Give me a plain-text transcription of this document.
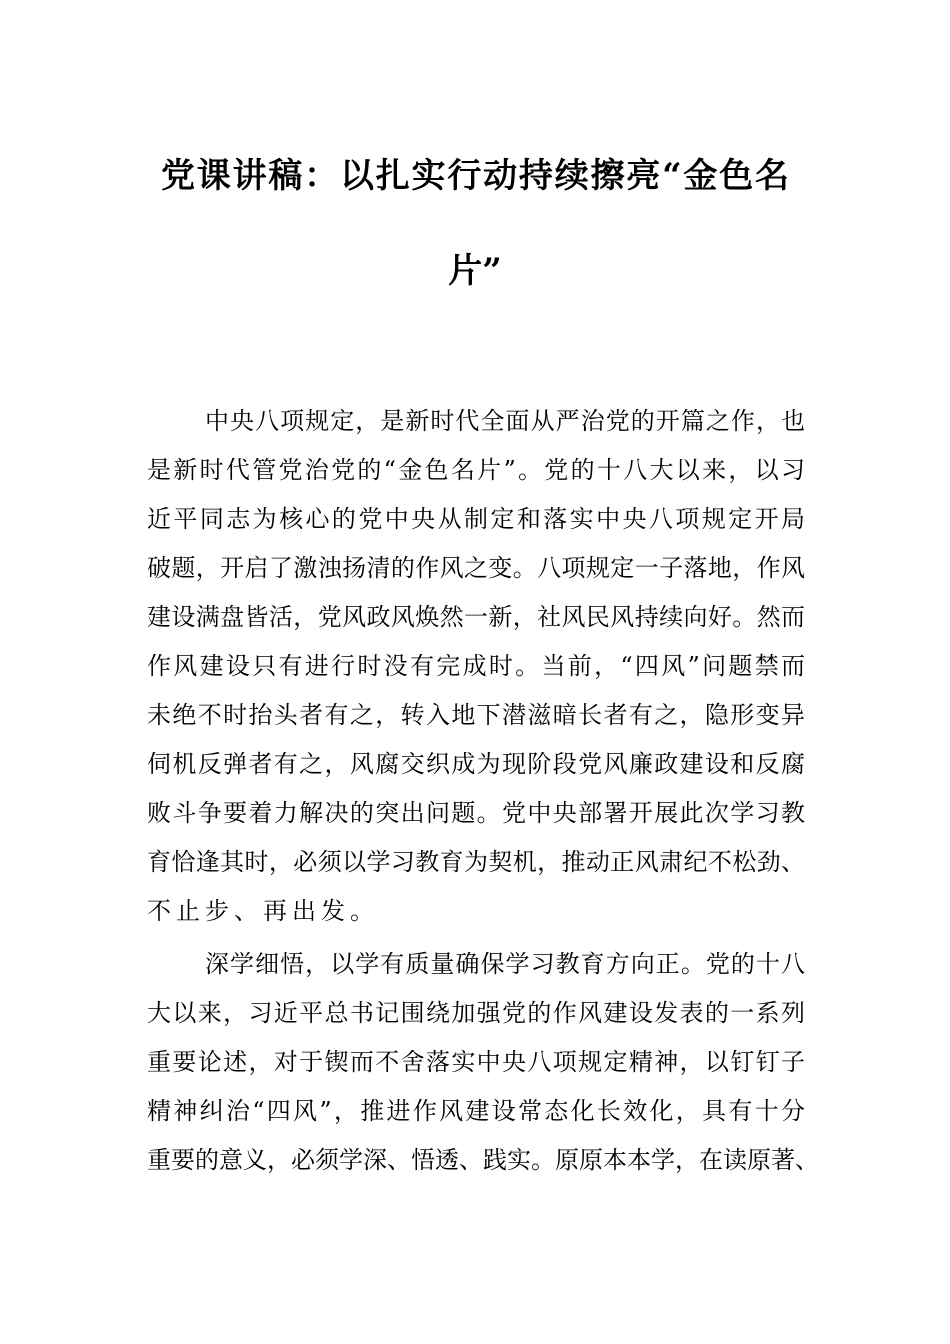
党课讲稿：以扎实行动持续擦亮“金色名
片”
中央八项规定，是新时代全面从严治党的开篇之作，也
是新时代管党治党的“金色名片”。党的十八大以来，以习
近平同志为核心的党中央从制定和落实中央八项规定开局
破题，开启了激浊扬清的作风之变。八项规定一子落地，作风
建设满盘皆活，党风政风焕然一新，社风民风持续向好。然而
作风建设只有进行时没有完成时。当前，“四风”问题禁而
未绝不时抬头者有之，转入地下潜滋暗长者有之，隐形变异
伺机反弹者有之，风腐交织成为现阶段党风廉政建设和反腐
败斗争要着力解决的突出问题。党中央部署开展此次学习教
育恰逢其时，必须以学习教育为契机，推动正风肃纪不松劲、
不止步、再出发。
深学细悟，以学有质量确保学习教育方向正。党的十八
大以来，习近平总书记围绕加强党的作风建设发表的一系列
重要论述，对于锲而不舍落实中央八项规定精神，以钉钉子
精神纠治“四风”，推进作风建设常态化长效化，具有十分
重要的意义，必须学深、悟透、践实。原原本本学，在读原著、
